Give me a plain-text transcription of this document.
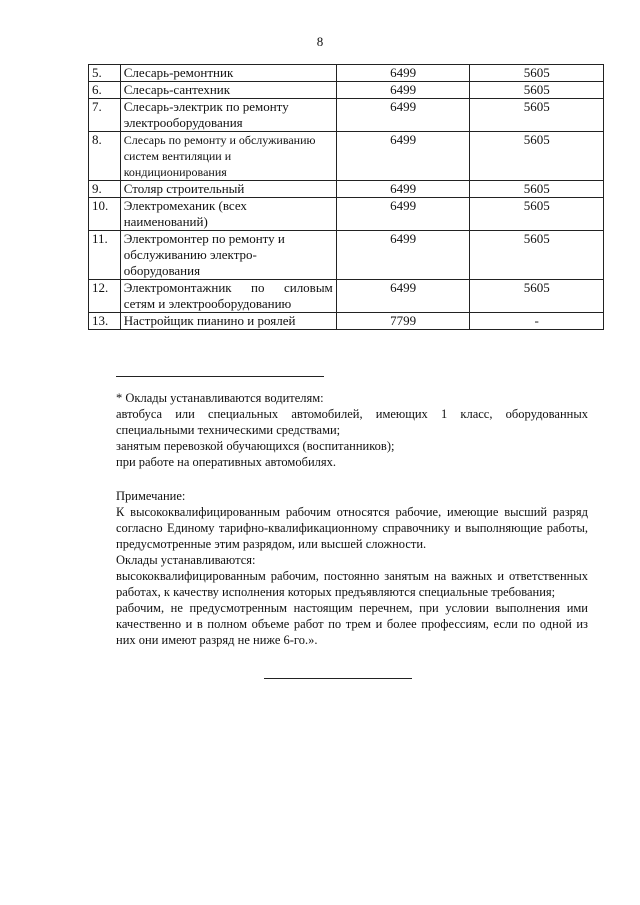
8
5.	Слесарь-ремонтник	6499	5605
6.	Слесарь-сантехник	6499	5605
7.	Слесарь-электрик по ремонту электрооборудования	6499	5605
8.	Слесарь по ремонту и обслуживанию систем вентиляции и кондиционирования	6499	5605
9.	Столяр строительный	6499	5605
10.	Электромеханик (всех наименований)	6499	5605
11.	Электромонтер по ремонту и обслуживанию электро-оборудования	6499	5605
12.	Электромонтажник по силовым сетям и электрооборудованию	6499	5605
13.	Настройщик пианино и роялей	7799	-

* Оклады устанавливаются водителям:

автобуса или специальных автомобилей, имеющих 1 класс, оборудованных специальными техническими средствами;

занятым перевозкой обучающихся (воспитанников);

при работе на оперативных автомобилях.

Примечание:

К высококвалифицированным рабочим относятся рабочие, имеющие высший разряд согласно Единому тарифно-квалификационному справочнику и выполняющие работы, предусмотренные этим разрядом, или высшей сложности.

Оклады устанавливаются:

высококвалифицированным рабочим, постоянно занятым на важных и ответственных работах, к качеству исполнения которых предъявляются специальные требования;

рабочим, не предусмотренным настоящим перечнем, при условии выполнения ими качественно и в полном объеме работ по трем и более профессиям, если по одной из них они имеют разряд не ниже 6-го.».
